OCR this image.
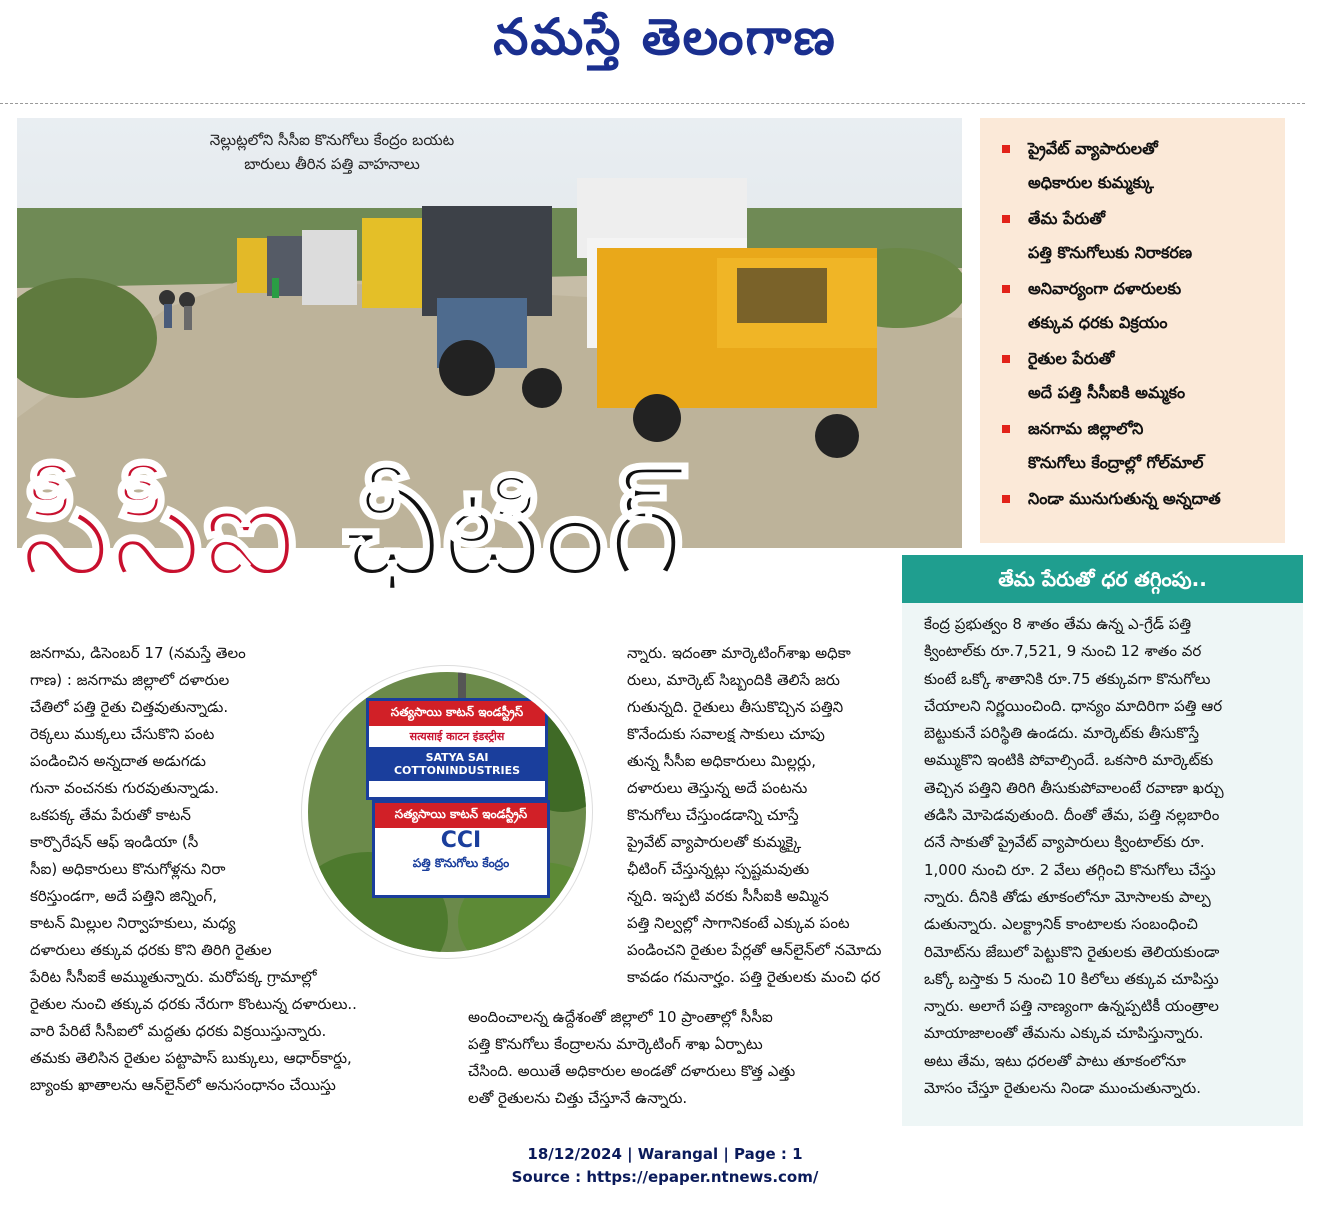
నమస్తే తెలంగాణ
నెల్లుట్లలోని సీసీఐ కొనుగోలు కేంద్రం బయట
బారులు తీరిన పత్తి వాహనాలు
ప్రైవేట్ వ్యాపారులతో
అధికారుల కుమ్మక్కు
తేమ పేరుతో
పత్తి కొనుగోలుకు నిరాకరణ
అనివార్యంగా దళారులకు
తక్కువ ధరకు విక్రయం
రైతుల పేరుతో
అదే పత్తి సీసీఐకి అమ్మకం
జనగామ జిల్లాలోని
కొనుగోలు కేంద్రాల్లో గోల్‌మాల్
నిండా మునుగుతున్న అన్నదాత
సీసీఐ ఛీటింగ్
జనగామ, డిసెంబర్ 17 (నమస్తే తెలం
గాణ) : జనగామ జిల్లాలో దళారుల
చేతిలో పత్తి రైతు చిత్తవుతున్నాడు.
రెక్కలు ముక్కలు చేసుకొని పంట
పండించిన అన్నదాత అడుగడు
గునా వంచనకు గురవుతున్నాడు.
ఒకపక్క తేమ పేరుతో కాటన్
కార్పొరేషన్ ఆఫ్ ఇండియా (సీ
సీఐ) అధికారులు కొనుగోళ్లను నిరా
కరిస్తుండగా, అదే పత్తిని జిన్నింగ్,
కాటన్ మిల్లుల నిర్వాహకులు, మధ్య
దళారులు తక్కువ ధరకు కొని తిరిగి రైతుల
పేరిట సీసీఐకే అమ్ముతున్నారు. మరోపక్క గ్రామాల్లో
రైతుల నుంచి తక్కువ ధరకు నేరుగా కొంటున్న దళారులు..
వారి పేరిటే సీసీఐలో మద్దతు ధరకు విక్రయిస్తున్నారు.
తమకు తెలిసిన రైతుల పట్టాపాస్ బుక్కులు, ఆధార్‌కార్డు,
బ్యాంకు ఖాతాలను ఆన్‌లైన్‌లో అనుసంధానం చేయిస్తు
సత్యసాయి కాటన్ ఇండస్ట్రీస్
सत्यसाई काटन इंडस्ट्रीस
SATYA SAI COTTONINDUSTRIES
సత్యసాయి కాటన్ ఇండస్ట్రీస్
CCI
పత్తి కొనుగోలు కేంద్రం
న్నారు. ఇదంతా మార్కెటింగ్‌శాఖ అధికా
రులు, మార్కెట్ సిబ్బందికి తెలిసే జరు
గుతున్నది. రైతులు తీసుకొచ్చిన పత్తిని
కొనేందుకు సవాలక్ష సాకులు చూపు
తున్న సీసీఐ అధికారులు మిల్లర్లు,
దళారులు తెస్తున్న అదే పంటను
కొనుగోలు చేస్తుండడాన్ని చూస్తే
ప్రైవేట్ వ్యాపారులతో కుమ్మక్కై
ఛీటింగ్ చేస్తున్నట్లు స్పష్టమవుతు
న్నది. ఇప్పటి వరకు సీసీఐకి అమ్మిన
పత్తి నిల్వల్లో సాగానికంటే ఎక్కువ పంట
పండించని రైతుల పేర్లతో ఆన్‌లైన్‌లో నమోదు
కావడం గమనార్హం. పత్తి రైతులకు మంచి ధర
అందించాలన్న ఉద్దేశంతో జిల్లాలో 10 ప్రాంతాల్లో సీసీఐ
పత్తి కొనుగోలు కేంద్రాలను మార్కెటింగ్ శాఖ ఏర్పాటు
చేసింది. అయితే అధికారుల అండతో దళారులు కొత్త ఎత్తు
లతో రైతులను చిత్తు చేస్తూనే ఉన్నారు.
తేమ పేరుతో ధర తగ్గింపు..
కేంద్ర ప్రభుత్వం 8 శాతం తేమ ఉన్న ఎ-గ్రేడ్ పత్తి
క్వింటాల్‌కు రూ.7,521, 9 నుంచి 12 శాతం వర
కుంటే ఒక్కో శాతానికి రూ.75 తక్కువగా కొనుగోలు
చేయాలని నిర్ణయించింది. ధాన్యం మాదిరిగా పత్తి ఆర
బెట్టుకునే పరిస్థితి ఉండదు. మార్కెట్‌కు తీసుకొస్తే
అమ్ముకొని ఇంటికి పోవాల్సిందే. ఒకసారి మార్కెట్‌కు
తెచ్చిన పత్తిని తిరిగి తీసుకుపోవాలంటే రవాణా ఖర్చు
తడిసి మోపెడవుతుంది. దీంతో తేమ, పత్తి నల్లబారిం
దనే సాకుతో ప్రైవేట్ వ్యాపారులు క్వింటాల్‌కు రూ.
1,000 నుంచి రూ. 2 వేలు తగ్గించి కొనుగోలు చేస్తు
న్నారు. దీనికి తోడు తూకంలోనూ మోసాలకు పాల్ప
డుతున్నారు. ఎలక్ట్రానిక్ కాంటాలకు సంబంధించి
రిమోట్‌ను జేబులో పెట్టుకొని రైతులకు తెలియకుండా
ఒక్కో బస్తాకు 5 నుంచి 10 కిలోలు తక్కువ చూపిస్తు
న్నారు. అలాగే పత్తి నాణ్యంగా ఉన్నప్పటికీ యంత్రాల
మాయాజాలంతో తేమను ఎక్కువ చూపిస్తున్నారు.
అటు తేమ, ఇటు ధరలతో పాటు తూకంలోనూ
మోసం చేస్తూ రైతులను నిండా ముంచుతున్నారు.
18/12/2024 | Warangal | Page : 1
Source : https://epaper.ntnews.com/
